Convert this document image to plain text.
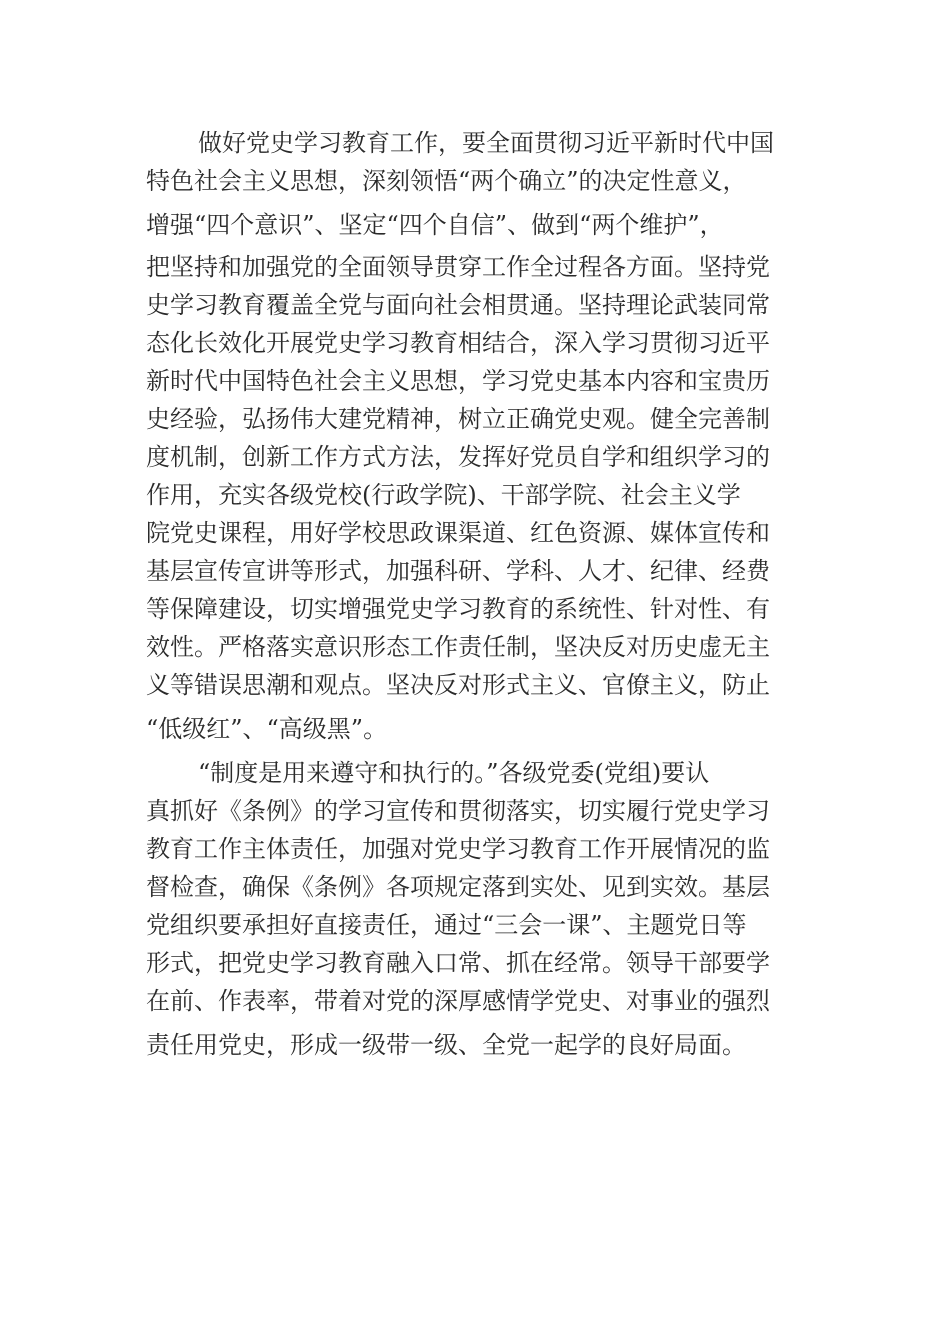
做好党史学习教育工作，要全面贯彻习近平新时代中国
特色社会主义思想，深刻领悟“两个确立”的决定性意义，
增强“四个意识”、坚定“四个自信”、做到“两个维护”，
把坚持和加强党的全面领导贯穿工作全过程各方面。坚持党
史学习教育覆盖全党与面向社会相贯通。坚持理论武装同常
态化长效化开展党史学习教育相结合，深入学习贯彻习近平
新时代中国特色社会主义思想，学习党史基本内容和宝贵历
史经验，弘扬伟大建党精神，树立正确党史观。健全完善制
度机制，创新工作方式方法，发挥好党员自学和组织学习的
作用，充实各级党校(行政学院)、干部学院、社会主义学
院党史课程，用好学校思政课渠道、红色资源、媒体宣传和
基层宣传宣讲等形式，加强科研、学科、人才、纪律、经费
等保障建设，切实增强党史学习教育的系统性、针对性、有
效性。严格落实意识形态工作责任制，坚决反对历史虚无主
义等错误思潮和观点。坚决反对形式主义、官僚主义，防止
“低级红”、“高级黑”。
“制度是用来遵守和执行的。”各级党委(党组)要认
真抓好《条例》的学习宣传和贯彻落实，切实履行党史学习
教育工作主体责任，加强对党史学习教育工作开展情况的监
督检查，确保《条例》各项规定落到实处、见到实效。基层
党组织要承担好直接责任，通过“三会一课”、主题党日等
形式，把党史学习教育融入口常、抓在经常。领导干部要学
在前、作表率，带着对党的深厚感情学党史、对事业的强烈
责任用党史，形成一级带一级、全党一起学的良好局面。
